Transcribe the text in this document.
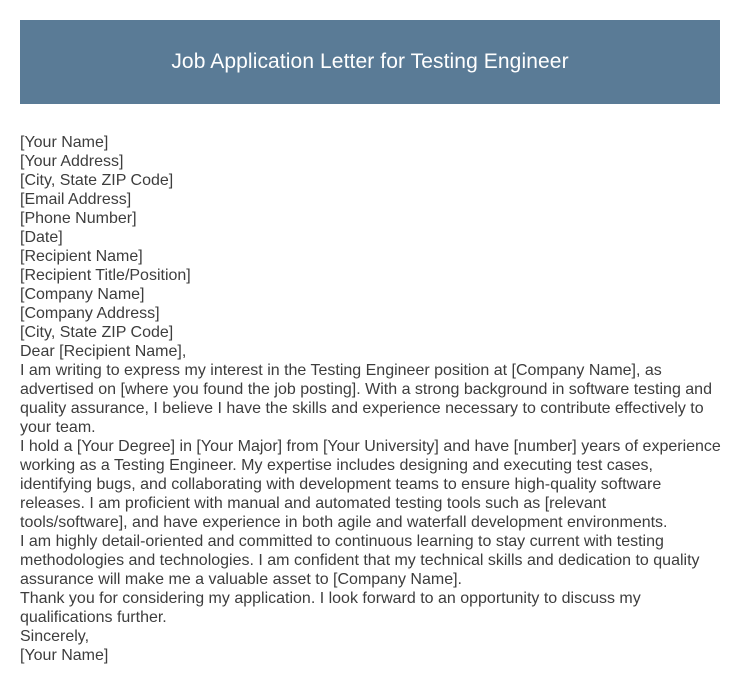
Job Application Letter for Testing Engineer
[Your Name]
[Your Address]
[City, State ZIP Code]
[Email Address]
[Phone Number]
[Date]
[Recipient Name]
[Recipient Title/Position]
[Company Name]
[Company Address]
[City, State ZIP Code]
Dear [Recipient Name],
I am writing to express my interest in the Testing Engineer position at [Company Name], as
advertised on [where you found the job posting]. With a strong background in software testing and
quality assurance, I believe I have the skills and experience necessary to contribute effectively to
your team.
I hold a [Your Degree] in [Your Major] from [Your University] and have [number] years of experience
working as a Testing Engineer. My expertise includes designing and executing test cases,
identifying bugs, and collaborating with development teams to ensure high-quality software
releases. I am proficient with manual and automated testing tools such as [relevant
tools/software], and have experience in both agile and waterfall development environments.
I am highly detail-oriented and committed to continuous learning to stay current with testing
methodologies and technologies. I am confident that my technical skills and dedication to quality
assurance will make me a valuable asset to [Company Name].
Thank you for considering my application. I look forward to an opportunity to discuss my
qualifications further.
Sincerely,
[Your Name]
